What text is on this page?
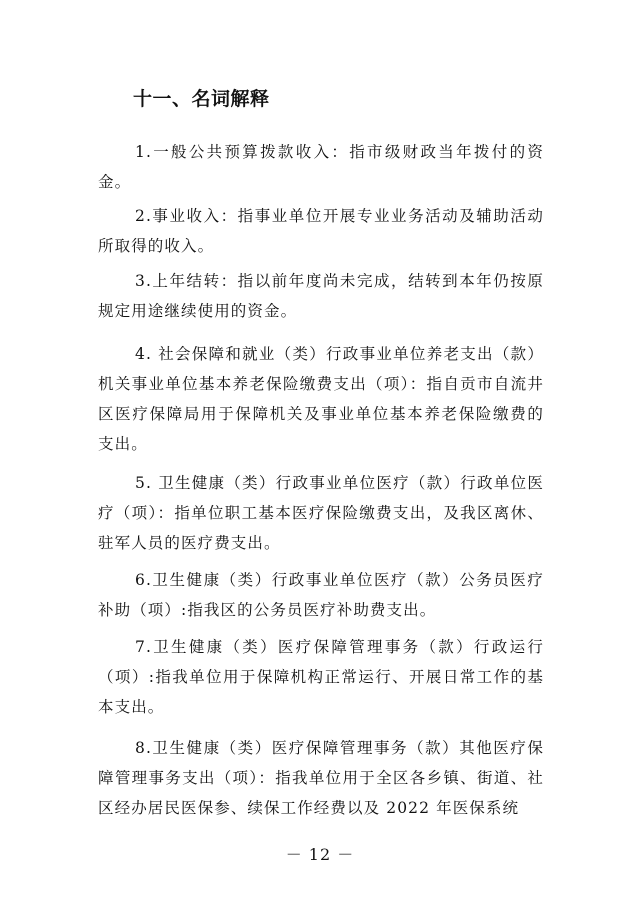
十一、名词解释
1.一般公共预算拨款收入：指市级财政当年拨付的资金。
2.事业收入：指事业单位开展专业业务活动及辅助活动所取得的收入。
3.上年结转：指以前年度尚未完成，结转到本年仍按原规定用途继续使用的资金。
4. 社会保障和就业（类）行政事业单位养老支出（款）机关事业单位基本养老保险缴费支出（项）：指自贡市自流井区医疗保障局用于保障机关及事业单位基本养老保险缴费的支出。
5. 卫生健康（类）行政事业单位医疗（款）行政单位医疗（项）：指单位职工基本医疗保险缴费支出，及我区离休、驻军人员的医疗费支出。
6.卫生健康（类）行政事业单位医疗（款）公务员医疗补助（项）:指我区的公务员医疗补助费支出。
7.卫生健康（类）医疗保障管理事务（款）行政运行（项）:指我单位用于保障机构正常运行、开展日常工作的基本支出。
8.卫生健康（类）医疗保障管理事务（款）其他医疗保障管理事务支出（项）：指我单位用于全区各乡镇、街道、社区经办居民医保参、续保工作经费以及 2022 年医保系统
－ 12 －
